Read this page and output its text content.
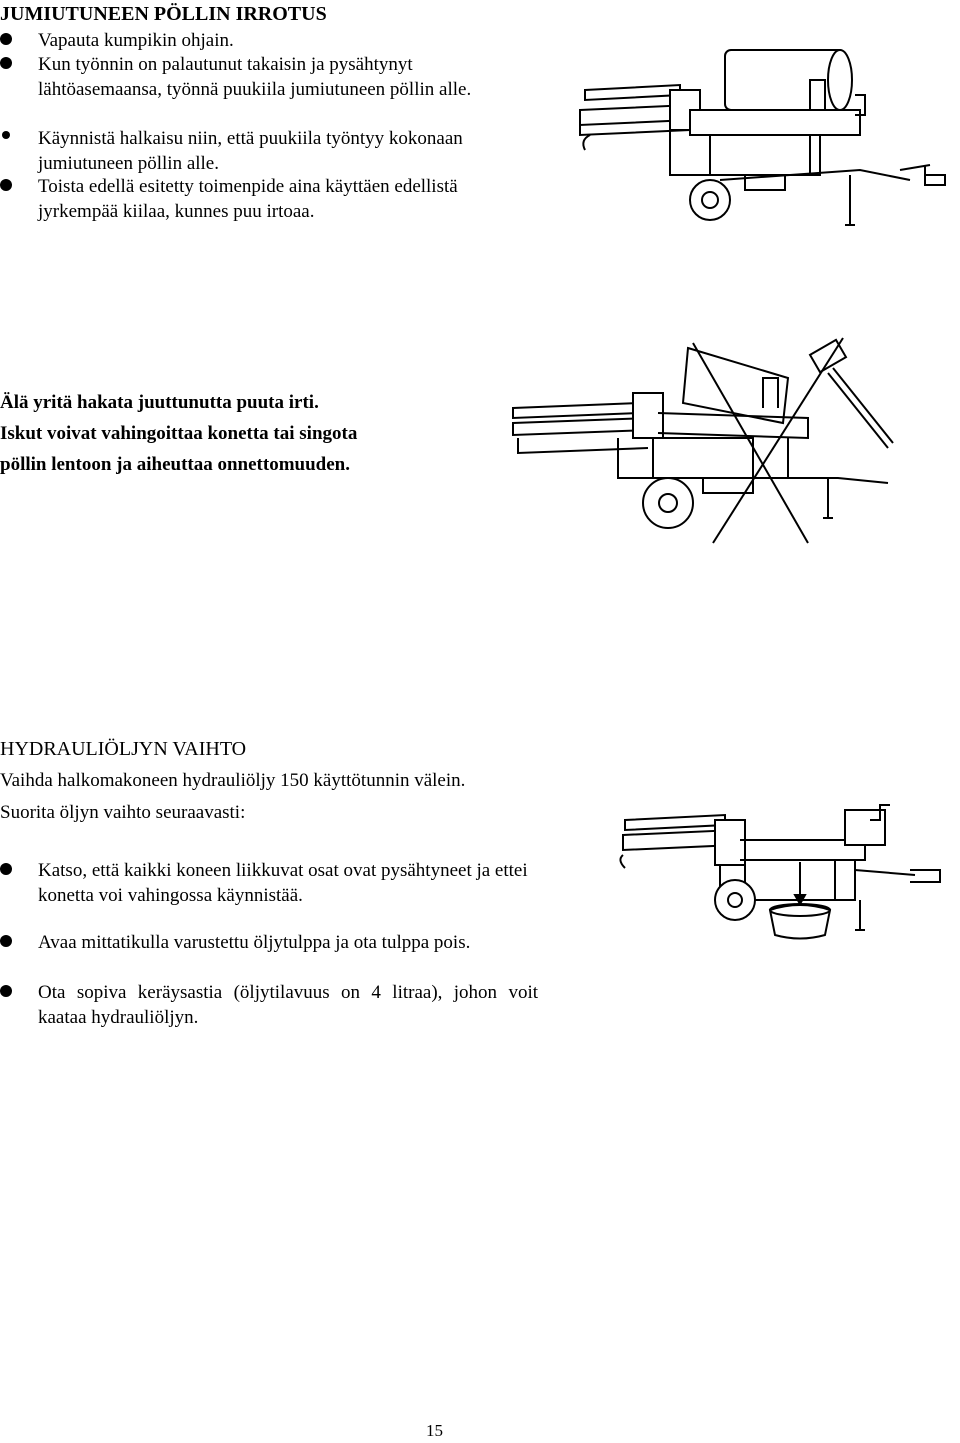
JUMIUTUNEEN PÖLLIN IRROTUS
Vapauta kumpikin ohjain.
Kun työnnin on palautunut takaisin ja pysähtynyt lähtöasemaansa, työnnä puukiila jumiutuneen pöllin alle.
Käynnistä halkaisu niin, että puukiila työntyy kokonaan jumiutuneen pöllin alle.
Toista edellä esitetty toimenpide aina käyttäen edellistä jyrkempää kiilaa, kunnes puu irtoaa.
Älä yritä hakata juuttunutta puuta irti.
Iskut voivat vahingoittaa konetta tai singota
pöllin lentoon ja aiheuttaa onnettomuuden.
HYDRAULIÖLJYN VAIHTO
Vaihda halkomakoneen hydrauliöljy 150 käyttötunnin välein.
Suorita öljyn vaihto seuraavasti:
Katso, että kaikki koneen liikkuvat osat ovat pysähtyneet ja ettei konetta voi vahingossa käynnistää.
Avaa mittatikulla varustettu öljytulppa ja ota tulppa pois.
Ota sopiva keräysastia (öljytilavuus on 4 litraa), johon voit kaataa hydrauliöljyn.
15
